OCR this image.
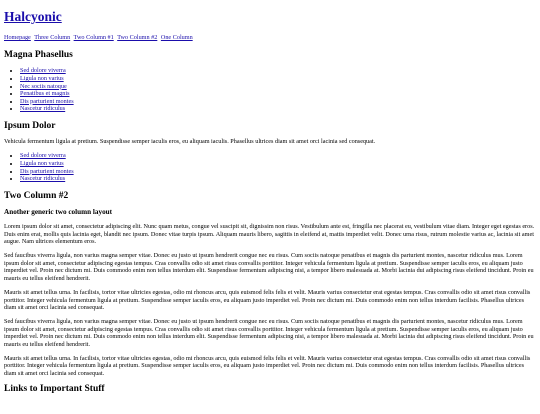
Halcyonic
Homepage Three Column Two Column #1 Two Column #2 One Column
Magna Phasellus
• Sed dolore viverra
• Ligula non varius
• Nec sociis natoque
• Penatibus et magnis
• Dis parturient montes
• Nascetur ridiculus
Ipsum Dolor

Vehicula fermentum ligula at pretium. Suspendisse semper iaculis eros, eu aliquam iaculis. Phasellus ultrices diam sit amet orci lacinia sed consequat.

• Sed dolore viverra
• Ligula non varius
• Dis parturient montes
• Nascetur ridiculus
Two Column #2
Another generic two column layout

Lorem ipsum dolor sit amet, consectetur adipiscing elit. Nunc quam metus, congue vel suscipit sit, dignissim non risus. Vestibulum ante est, fringilla nec placerat eu, vestibulum vitae diam. Integer eget egestas eros. Duis enim erat, mollis quis lacinia eget, blandit nec ipsum. Donec vitae turpis ipsum. Aliquam mauris libero, sagittis in eleifend at, mattis imperdiet velit. Donec urna risus, rutrum molestie varius ac, lacinia sit amet augue. Nam ultrices elementum eros.

Sed faucibus viverra ligula, non varius magna semper vitae. Donec eu justo ut ipsum hendrerit congue nec eu risus. Cum sociis natoque penatibus et magnis dis parturient montes, nascetur ridiculus mus. Lorem ipsum dolor sit amet, consectetur adipiscing egestas tempus. Cras convallis odio sit amet risus convallis porttitor. Integer vehicula fermentum ligula at pretium. Suspendisse semper iaculis eros, eu aliquam justo imperdiet vel. Proin nec dictum mi. Duis commodo enim non tellus interdum elit. Suspendisse fermentum adipiscing nisi, a tempor libero malesuada at. Morbi lacinia dui adipiscing risus eleifend tincidunt. Proin eu mauris eu tellus eleifend hendrerit.

Mauris sit amet tellus urna. In facilisis, tortor vitae ultricies egestas, odio mi rhoncus arcu, quis euismod felis felis et velit. Mauris varius consectetur erat egestas tempus. Cras convallis odio sit amet risus convallis porttitor. Integer vehicula fermentum ligula at pretium. Suspendisse semper iaculis eros, eu aliquam justo imperdiet vel. Proin nec dictum mi. Duis commodo enim non tellus interdum facilisis. Phasellus ultrices diam sit amet orci lacinia sed consequat.

Sed faucibus viverra ligula, non varius magna semper vitae. Donec eu justo ut ipsum hendrerit congue nec eu risus. Cum sociis natoque penatibus et magnis dis parturient montes, nascetur ridiculus mus. Lorem ipsum dolor sit amet, consectetur adipiscing egestas tempus. Cras convallis odio sit amet risus convallis porttitor. Integer vehicula fermentum ligula at pretium. Suspendisse semper iaculis eros, eu aliquam justo imperdiet vel. Proin nec dictum mi. Duis commodo enim non tellus interdum elit. Suspendisse fermentum adipiscing nisi, a tempor libero malesuada at. Morbi lacinia dui adipiscing risus eleifend tincidunt. Proin eu mauris eu tellus eleifend hendrerit.

Mauris sit amet tellus urna. In facilisis, tortor vitae ultricies egestas, odio mi rhoncus arcu, quis euismod felis felis et velit. Mauris varius consectetur erat egestas tempus. Cras convallis odio sit amet risus convallis porttitor. Integer vehicula fermentum ligula at pretium. Suspendisse semper iaculis eros, eu aliquam justo imperdiet vel. Proin nec dictum mi. Duis commodo enim non tellus interdum facilisis. Phasellus ultrices diam sit amet orci lacinia sed consequat.

Links to Important Stuff
